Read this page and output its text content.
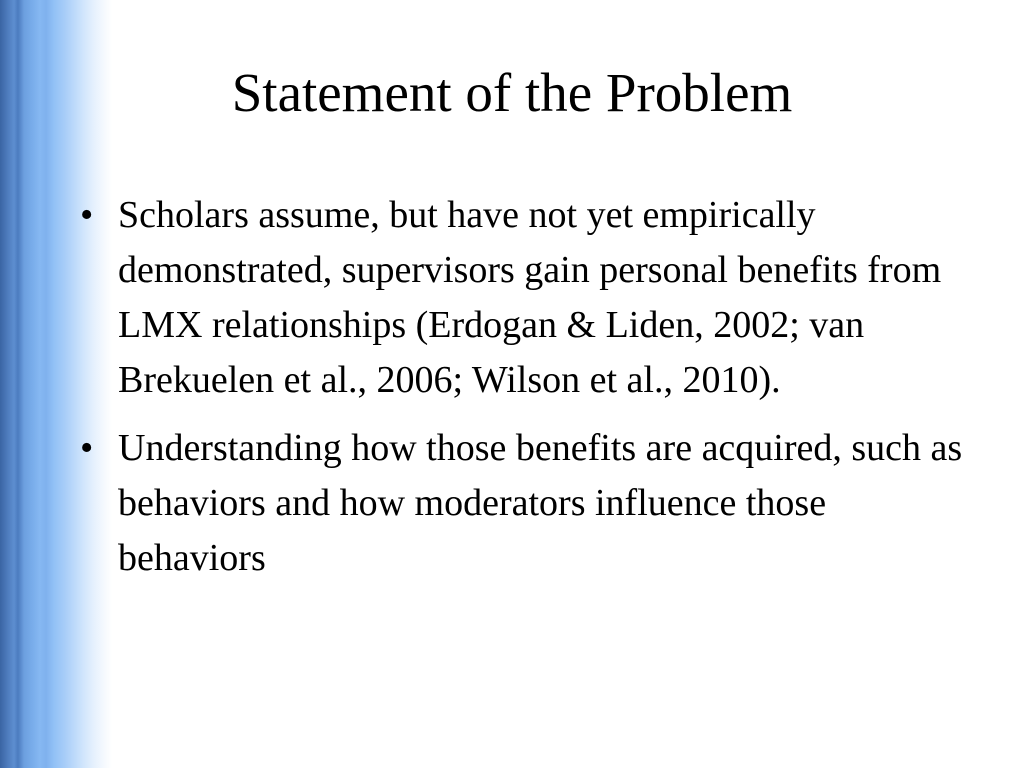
Statement of the Problem
• Scholars assume, but have not yet empirically demonstrated, supervisors gain personal benefits from LMX relationships (Erdogan & Liden, 2002; van Brekuelen et al., 2006; Wilson et al., 2010).
• Understanding how those benefits are acquired, such as behaviors and how moderators influence those behaviors
